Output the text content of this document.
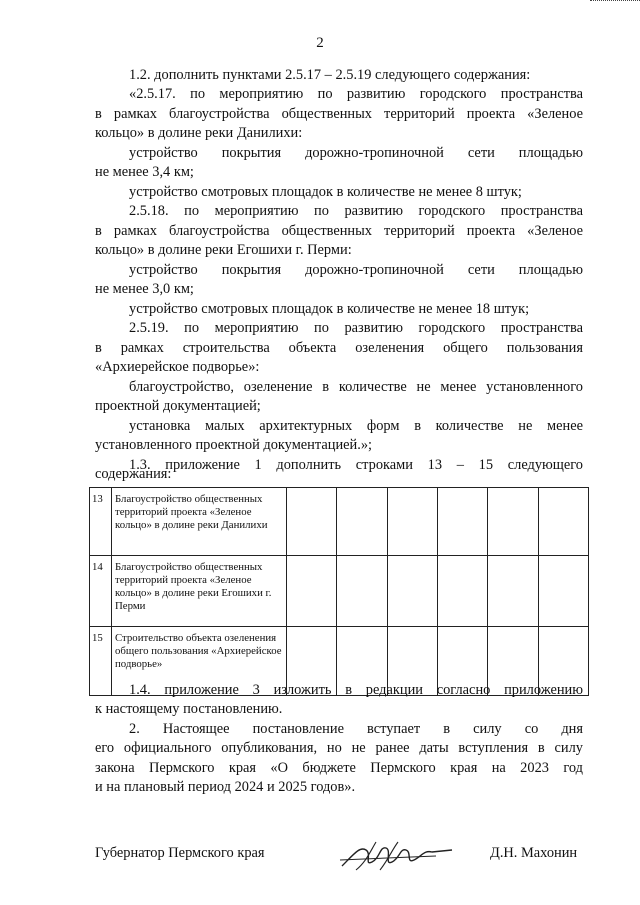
2
1.2. дополнить пунктами 2.5.17 – 2.5.19 следующего содержания:
«2.5.17. по мероприятию по развитию городского пространства
в рамках благоустройства общественных территорий проекта «Зеленое
кольцо» в долине реки Данилихи:
устройство покрытия дорожно-тропиночной сети площадью
не менее 3,4 км;
устройство смотровых площадок в количестве не менее 8 штук;
2.5.18. по мероприятию по развитию городского пространства
в рамках благоустройства общественных территорий проекта «Зеленое
кольцо» в долине реки Егошихи г. Перми:
устройство покрытия дорожно-тропиночной сети площадью
не менее 3,0 км;
устройство смотровых площадок в количестве не менее 18 штук;
2.5.19. по мероприятию по развитию городского пространства
в рамках строительства объекта озеленения общего пользования
«Архиерейское подворье»:
благоустройство, озеленение в количестве не менее установленного
проектной документацией;
установка малых архитектурных форм в количестве не менее
установленного проектной документацией.»;
1.3. приложение 1 дополнить строками 13 – 15 следующего
содержания:
13	Благоустройство общественных территорий проекта «Зеленое кольцо» в долине реки Данилихи						
14	Благоустройство общественных территорий проекта «Зеленое кольцо» в долине реки Егошихи г. Перми						
15	Строительство объекта озеленения общего пользования «Архиерейское подворье»						
1.4. приложение 3 изложить в редакции согласно приложению
к настоящему постановлению.
2. Настоящее постановление вступает в силу со дня
его официального опубликования, но не ранее даты вступления в силу
закона Пермского края «О бюджете Пермского края на 2023 год
и на плановый период 2024 и 2025 годов».
Губернатор Пермского края	Д.Н. Махонин
